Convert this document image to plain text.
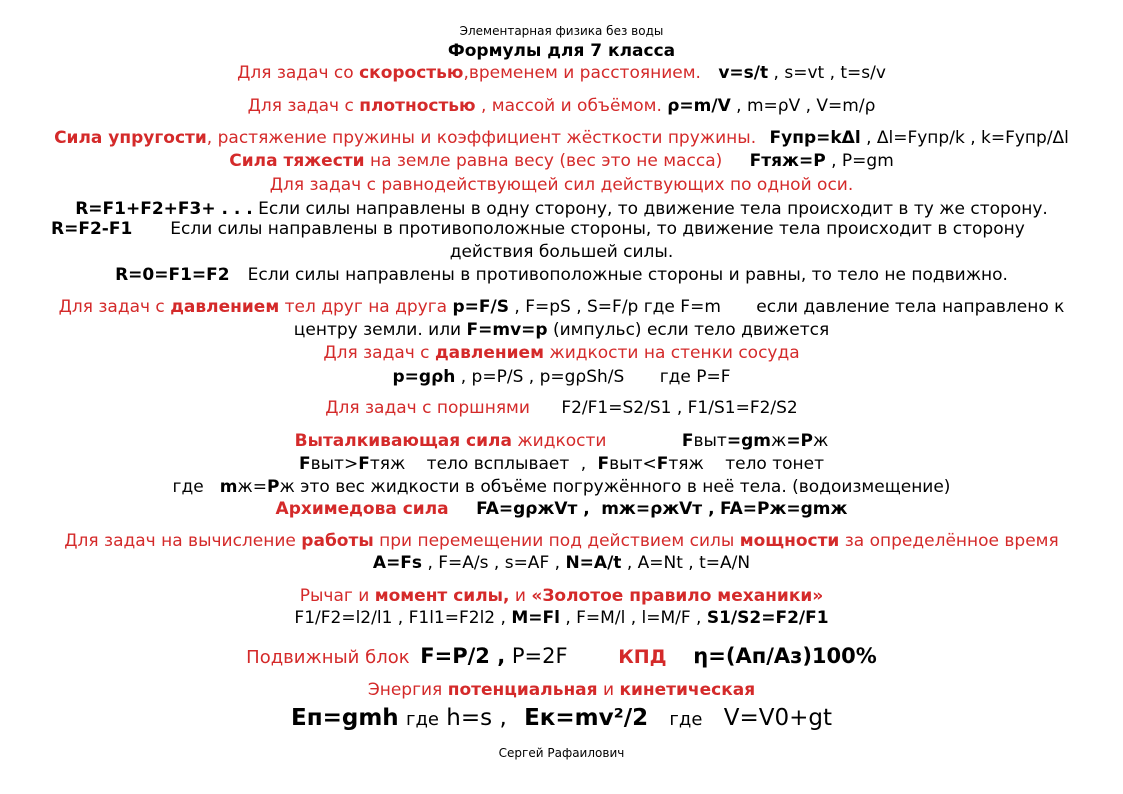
Элементарная физика без воды
Формулы для 7 класса
Для задач со скоростью,временем и расстоянием. v=s/t , s=vt , t=s/v
Для задач с плотностью , массой и объёмом. ρ=m/V , m=ρV , V=m/ρ
Сила упругости, растяжение пружины и коэффициент жёсткости пружины. Fупр=kΔl , Δl=Fупр/k , k=Fупр/Δl
Сила тяжести на земле равна весу (вес это не масса) Fтяж=P , P=gm
Для задач с равнодействующей сил действующих по одной оси.
R=F1+F2+F3+ . . . Если силы направлены в одну сторону, то движение тела происходит в ту же сторону.
R=F2-F1 Если силы направлены в противоположные стороны, то движение тела происходит в сторону
действия большей силы.
R=0=F1=F2 Если силы направлены в противоположные стороны и равны, то тело не подвижно.
Для задач с давлением тел друг на друга p=F/S , F=pS , S=F/p где F=m если давление тела направлено к
центру земли. или F=mv=p (импульс) если тело движется
Для задач с давлением жидкости на стенки сосуда
p=gρh , p=P/S , p=gρSh/S где P=F
Для задач с поршнями F2/F1=S2/S1 , F1/S1=F2/S2
Выталкивающая сила жидкости	Fвыт=gmж=Pж
Fвыт>Fтяж тело всплывает , Fвыт<Fтяж тело тонет
где mж=Pж это вес жидкости в объёме погружённого в неё тела. (водоизмещение)
Архимедова сила FA=gρжVт , mж=ρжVт , FA=Pж=gmж
Для задач на вычисление работы при перемещении под действием силы мощности за определённое время
A=Fs , F=A/s , s=AF , N=A/t , A=Nt , t=A/N
Рычаг и момент силы, и «Золотое правило механики»
F1/F2=l2/l1 , F1l1=F2l2 , M=Fl , F=M/l , l=M/F , S1/S2=F2/F1
Подвижный блок F=P/2 , P=2F	КПД η=(Aп/Aз)100%
Энергия потенциальная и кинетическая
Eп=gmh где h=s , Eк=mv²/2 где V=V0+gt
Сергей Рафаилович
